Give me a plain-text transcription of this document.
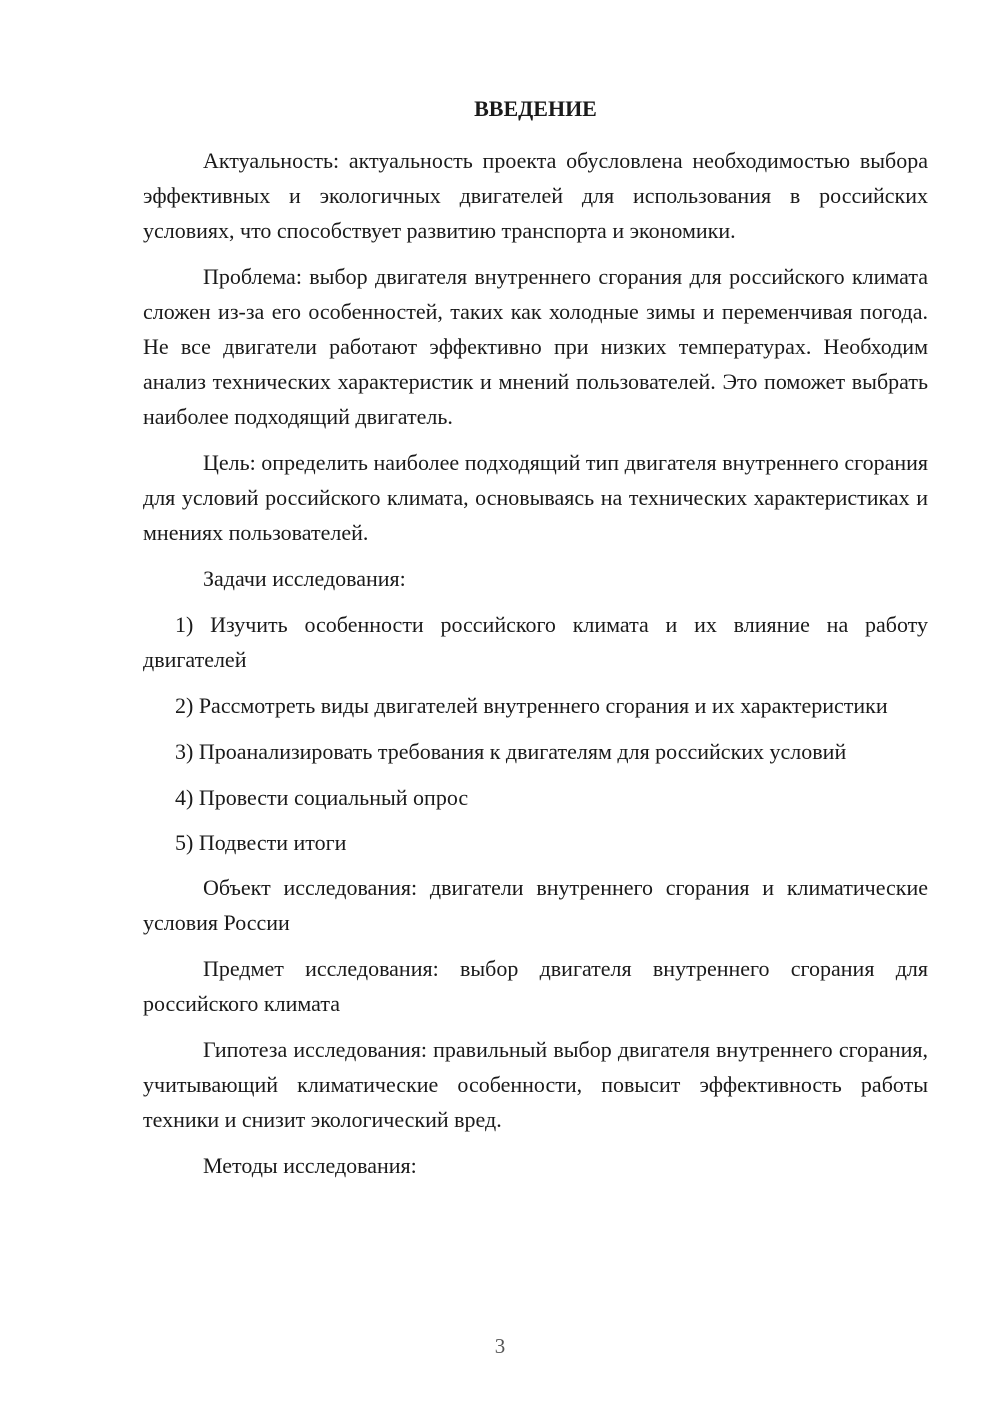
ВВЕДЕНИЕ

Актуальность: актуальность проекта обусловлена необходимостью выбора эффективных и экологичных двигателей для использования в российских условиях, что способствует развитию транспорта и экономики.

Проблема: выбор двигателя внутреннего сгорания для российского климата сложен из-за его особенностей, таких как холодные зимы и переменчивая погода. Не все двигатели работают эффективно при низких температурах. Необходим анализ технических характеристик и мнений пользователей. Это поможет выбрать наиболее подходящий двигатель.

Цель: определить наиболее подходящий тип двигателя внутреннего сгорания для условий российского климата, основываясь на технических характеристиках и мнениях пользователей.

Задачи исследования:

1) Изучить особенности российского климата и их влияние на работу двигателей

2) Рассмотреть виды двигателей внутреннего сгорания и их характеристики

3) Проанализировать требования к двигателям для российских условий

4) Провести социальный опрос

5) Подвести итоги

Объект исследования: двигатели внутреннего сгорания и климатические условия России

Предмет исследования: выбор двигателя внутреннего сгорания для российского климата

Гипотеза исследования: правильный выбор двигателя внутреннего сгорания, учитывающий климатические особенности, повысит эффективность работы техники и снизит экологический вред.

Методы исследования:

3
